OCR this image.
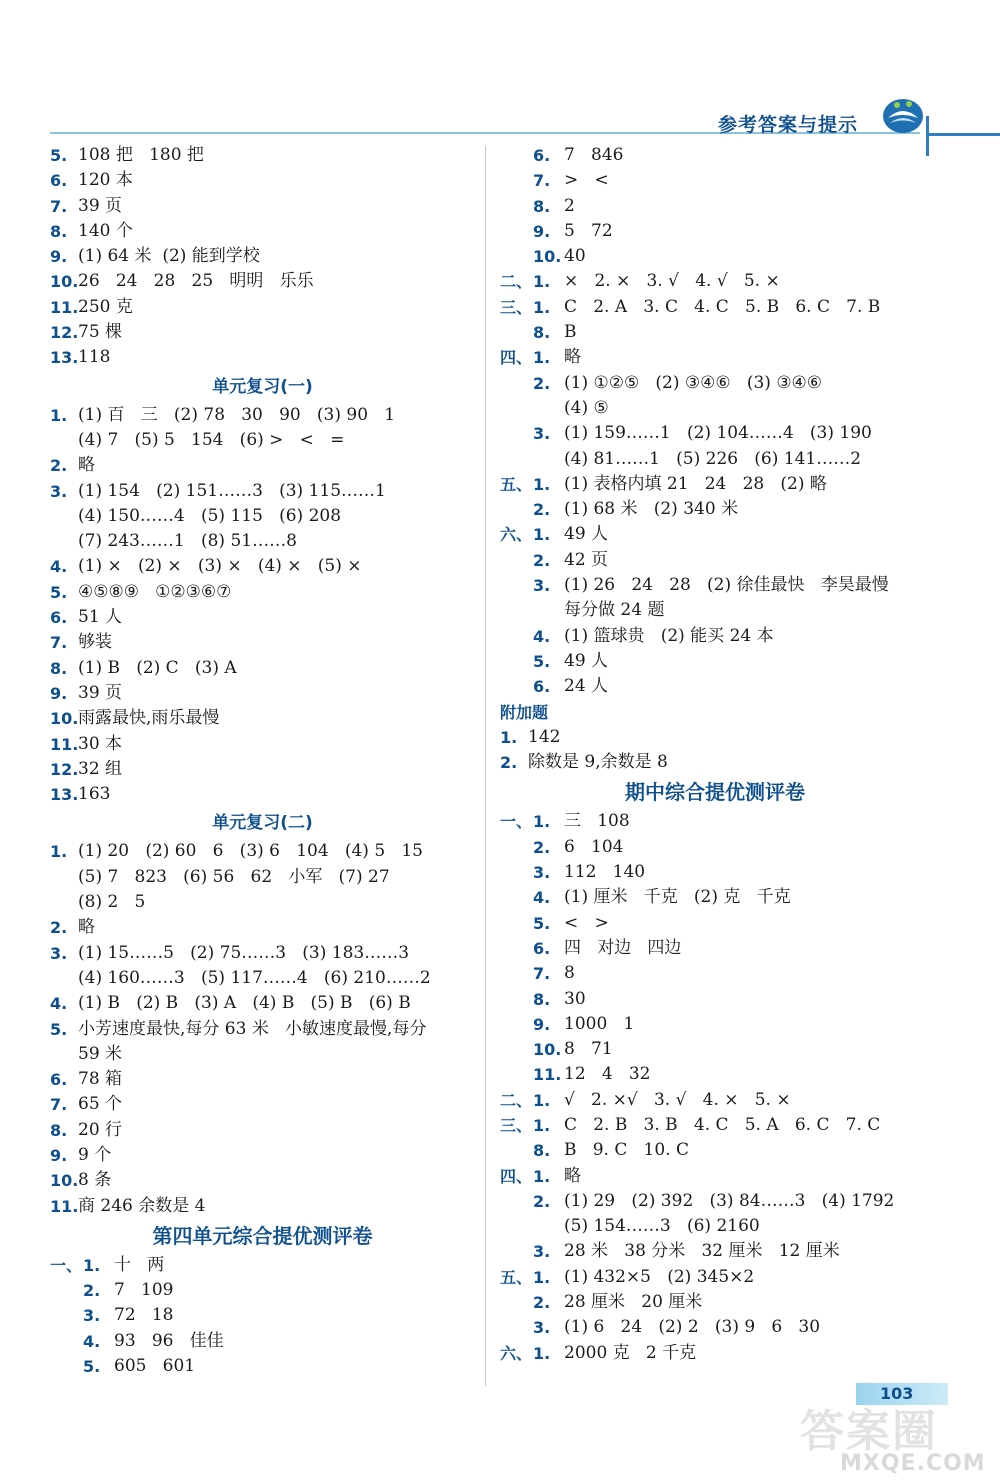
参考答案与提示
5. 108 把   180 把
6. 120 本
7. 39 页
8. 140 个
9. (1) 64 米  (2) 能到学校
10. 26   24   28   25   明明   乐乐
11. 250 克
12. 75 棵
13. 118
单元复习(一)
1. (1) 百   三   (2) 78   30   90   (3) 90   1
(4) 7   (5) 5   154   (6) >   <   =
2. 略
3. (1) 154   (2) 151……3   (3) 115……1
(4) 150……4   (5) 115   (6) 208
(7) 243……1   (8) 51……8
4. (1) ×   (2) ×   (3) ×   (4) ×   (5) ×
5. ④⑤⑧⑨   ①②③⑥⑦
6. 51 人
7. 够装
8. (1) B   (2) C   (3) A
9. 39 页
10. 雨露最快,雨乐最慢
11. 30 本
12. 32 组
13. 163
单元复习(二)
1. (1) 20   (2) 60   6   (3) 6   104   (4) 5   15
(5) 7   823   (6) 56   62   小军   (7) 27
(8) 2   5
2. 略
3. (1) 15……5   (2) 75……3   (3) 183……3
(4) 160……3   (5) 117……4   (6) 210……2
4. (1) B   (2) B   (3) A   (4) B   (5) B   (6) B
5. 小芳速度最快,每分 63 米   小敏速度最慢,每分
59 米
6. 78 箱
7. 65 个
8. 20 行
9. 9 个
10. 8 条
11. 商 246 余数是 4
第四单元综合提优测评卷
一、 1. 十   两
2. 7   109
3. 72   18
4. 93   96   佳佳
5. 605   601
6. 7   846
7. >   <
8. 2
9. 5   72
10. 40
二、 1. ×   2. ×   3. √   4. √   5. ×
三、 1. C   2. A   3. C   4. C   5. B   6. C   7. B
8. B
四、 1. 略
2. (1) ①②⑤   (2) ③④⑥   (3) ③④⑥
(4) ⑤
3. (1) 159……1   (2) 104……4   (3) 190
(4) 81……1   (5) 226   (6) 141……2
五、 1. (1) 表格内填 21   24   28   (2) 略
2. (1) 68 米   (2) 340 米
六、 1. 49 人
2. 42 页
3. (1) 26   24   28   (2) 徐佳最快   李昊最慢
每分做 24 题
4. (1) 篮球贵   (2) 能买 24 本
5. 49 人
6. 24 人
附加题
1. 142
2. 除数是 9,余数是 8
期中综合提优测评卷
一、 1. 三   108
2. 6   104
3. 112   140
4. (1) 厘米   千克   (2) 克   千克
5. <   >
6. 四   对边   四边
7. 8
8. 30
9. 1000   1
10. 8   71
11. 12   4   32
二、 1. √   2. ×√   3. √   4. ×   5. ×
三、 1. C   2. B   3. B   4. C   5. A   6. C   7. C
8. B   9. C   10. C
四、 1. 略
2. (1) 29   (2) 392   (3) 84……3   (4) 1792
(5) 154……3   (6) 2160
3. 28 米   38 分米   32 厘米   12 厘米
五、 1. (1) 432×5   (2) 345×2
2. 28 厘米   20 厘米
3. (1) 6   24   (2) 2   (3) 9   6   30
六、 1. 2000 克   2 千克
103
答案圈
MXQE.COM
